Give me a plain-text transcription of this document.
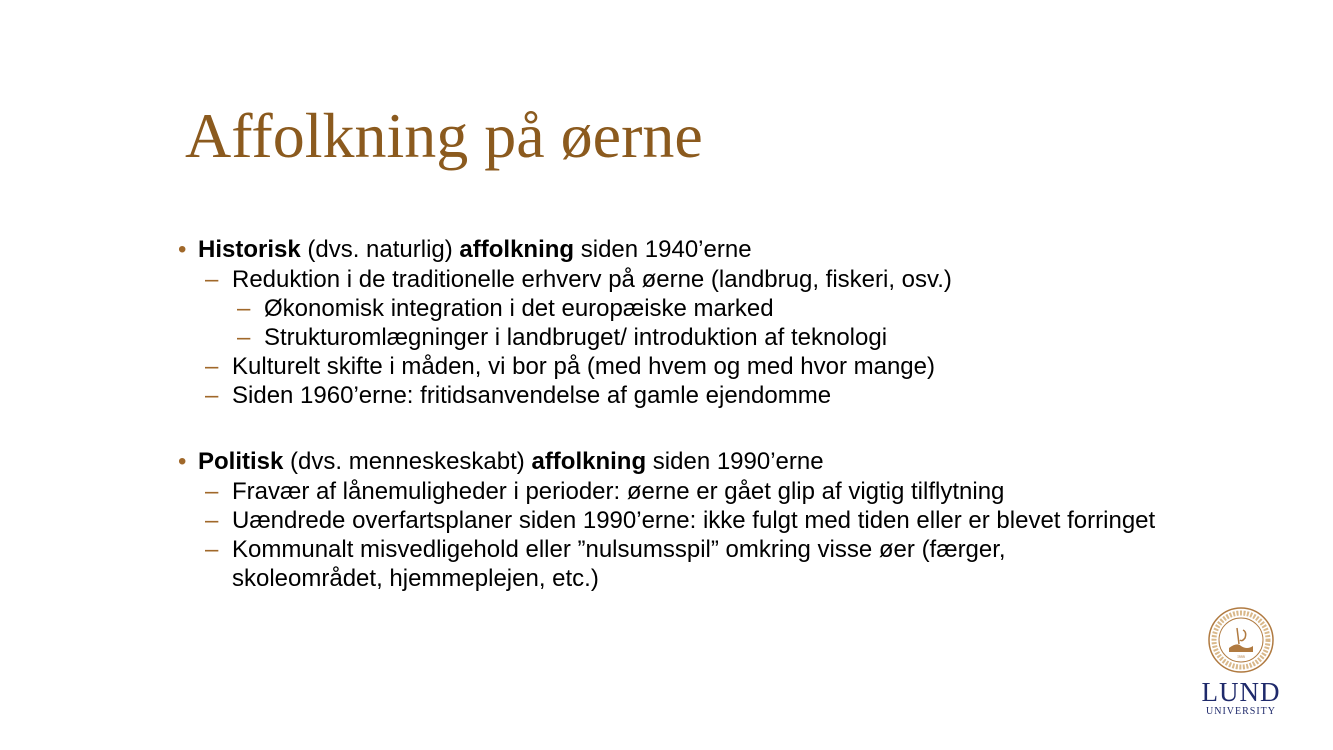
Affolkning på øerne
• Historisk (dvs. naturlig) affolkning siden 1940’erne
– Reduktion i de traditionelle erhverv på øerne (landbrug, fiskeri, osv.)
– Økonomisk integration i det europæiske marked
– Strukturomlægninger i landbruget/ introduktion af teknologi
– Kulturelt skifte i måden, vi bor på (med hvem og med hvor mange)
– Siden 1960’erne: fritidsanvendelse af gamle ejendomme
• Politisk (dvs. menneskeskabt) affolkning siden 1990’erne
– Fravær af lånemuligheder i perioder: øerne er gået glip af vigtig tilflytning
– Uændrede overfartsplaner siden 1990’erne: ikke fulgt med tiden eller er blevet forringet
– Kommunalt misvedligehold eller ”nulsumsspil” omkring visse øer (færger, skoleområdet, hjemmeplejen, etc.)
1666
LUND
UNIVERSITY
